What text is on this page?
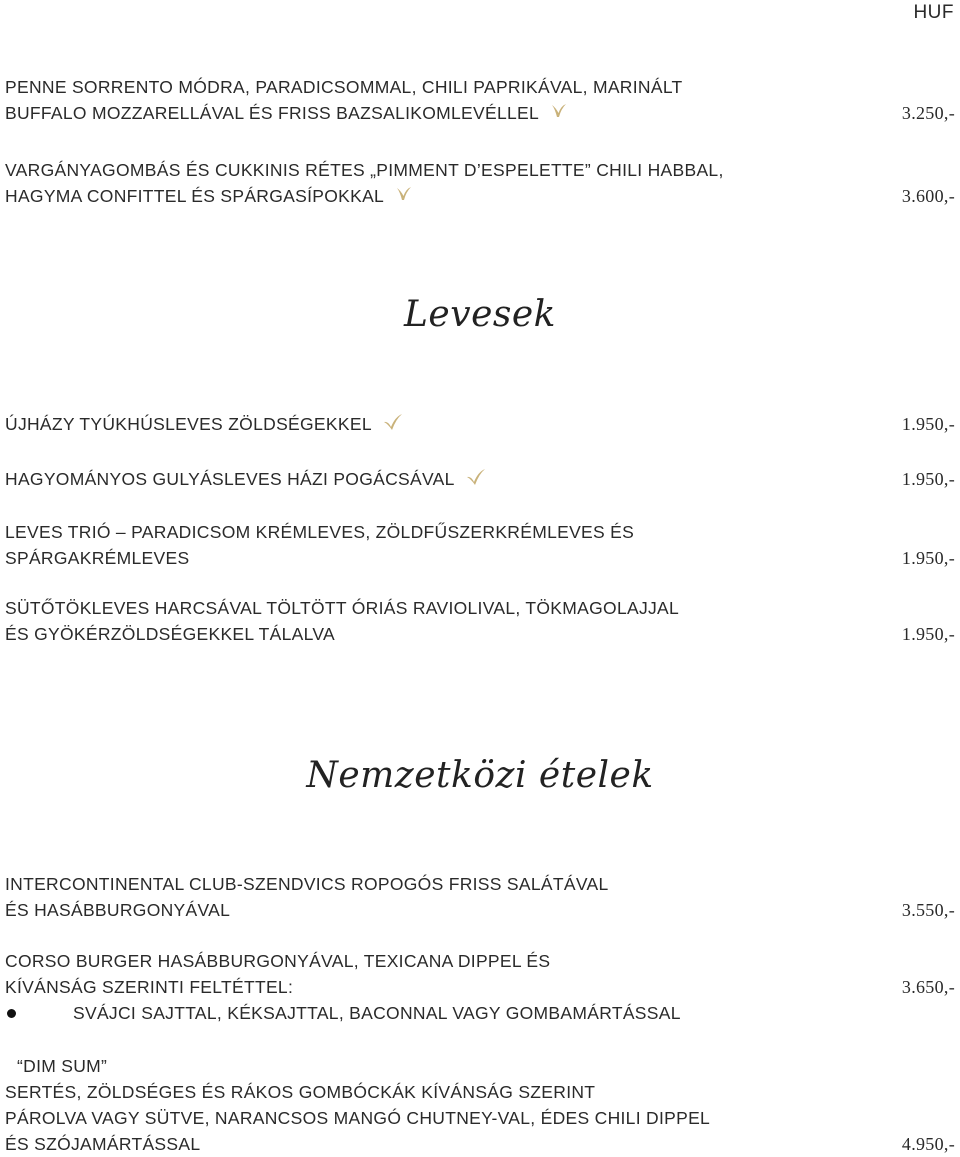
HUF
PENNE SORRENTO MÓDRA, PARADICSOMMAL, CHILI PAPRIKÁVAL, MARINÁLT
BUFFALO MOZZARELLÁVAL ÉS FRISS BAZSALIKOMLEVÉLLEL	3.250,-
VARGÁNYAGOMBÁS ÉS CUKKINIS RÉTES „PIMMENT D’ESPELETTE” CHILI HABBAL,
HAGYMA CONFITTEL ÉS SPÁRGASÍPOKKAL	3.600,-
Levesek
ÚJHÁZY TYÚKHÚSLEVES ZÖLDSÉGEKKEL	1.950,-
HAGYOMÁNYOS GULYÁSLEVES HÁZI POGÁCSÁVAL	1.950,-
LEVES TRIÓ – PARADICSOM KRÉMLEVES, ZÖLDFŰSZERKRÉMLEVES ÉS
SPÁRGAKRÉMLEVES	1.950,-
SÜTŐTÖKLEVES HARCSÁVAL TÖLTÖTT ÓRIÁS RAVIOLIVAL, TÖKMAGOLAJJAL
ÉS GYÖKÉRZÖLDSÉGEKKEL TÁLALVA	1.950,-
Nemzetközi ételek
INTERCONTINENTAL CLUB-SZENDVICS ROPOGÓS FRISS SALÁTÁVAL
ÉS HASÁBBURGONYÁVAL	3.550,-
CORSO BURGER HASÁBBURGONYÁVAL, TEXICANA DIPPEL ÉS
KÍVÁNSÁG SZERINTI FELTÉTTEL:	3.650,-
SVÁJCI SAJTTAL, KÉKSAJTTAL, BACONNAL VAGY GOMBAMÁRTÁSSAL
“DIM SUM”
SERTÉS, ZÖLDSÉGES ÉS RÁKOS GOMBÓCKÁK KÍVÁNSÁG SZERINT
PÁROLVA VAGY SÜTVE, NARANCSOS MANGÓ CHUTNEY-VAL, ÉDES CHILI DIPPEL
ÉS SZÓJAMÁRTÁSSAL	4.950,-
